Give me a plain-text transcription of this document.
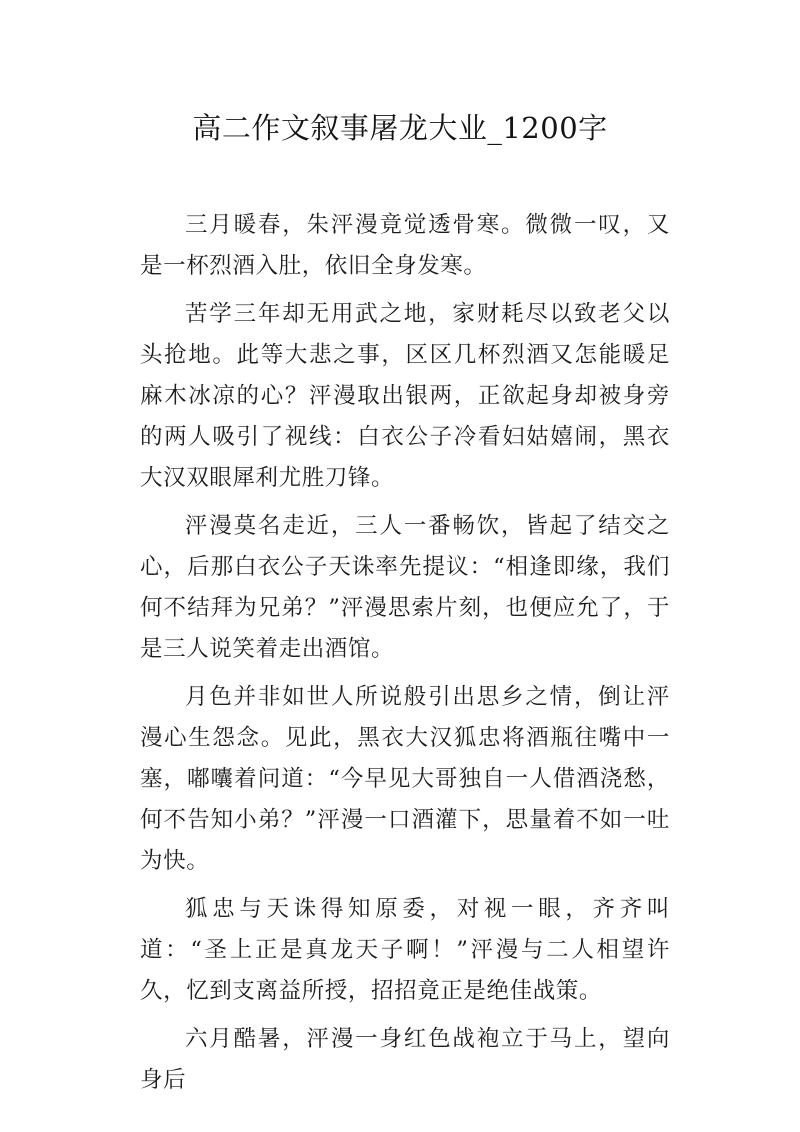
高二作文叙事屠龙大业_1200字

三月暖春，朱泙漫竟觉透骨寒。微微一叹，又是一杯烈酒入肚，依旧全身发寒。

苦学三年却无用武之地，家财耗尽以致老父以头抢地。此等大悲之事，区区几杯烈酒又怎能暖足麻木冰凉的心？泙漫取出银两，正欲起身却被身旁的两人吸引了视线：白衣公子冷看妇姑嬉闹，黑衣大汉双眼犀利尤胜刀锋。

泙漫莫名走近，三人一番畅饮，皆起了结交之心，后那白衣公子天诛率先提议：“相逢即缘，我们何不结拜为兄弟？”泙漫思索片刻，也便应允了，于是三人说笑着走出酒馆。

月色并非如世人所说般引出思乡之情，倒让泙漫心生怨念。见此，黑衣大汉狐忠将酒瓶往嘴中一塞，嘟囔着问道：“今早见大哥独自一人借酒浇愁，何不告知小弟？”泙漫一口酒灌下，思量着不如一吐为快。

狐忠与天诛得知原委，对视一眼，齐齐叫道：“圣上正是真龙天子啊！”泙漫与二人相望许久，忆到支离益所授，招招竟正是绝佳战策。

六月酷暑，泙漫一身红色战袍立于马上，望向身后
